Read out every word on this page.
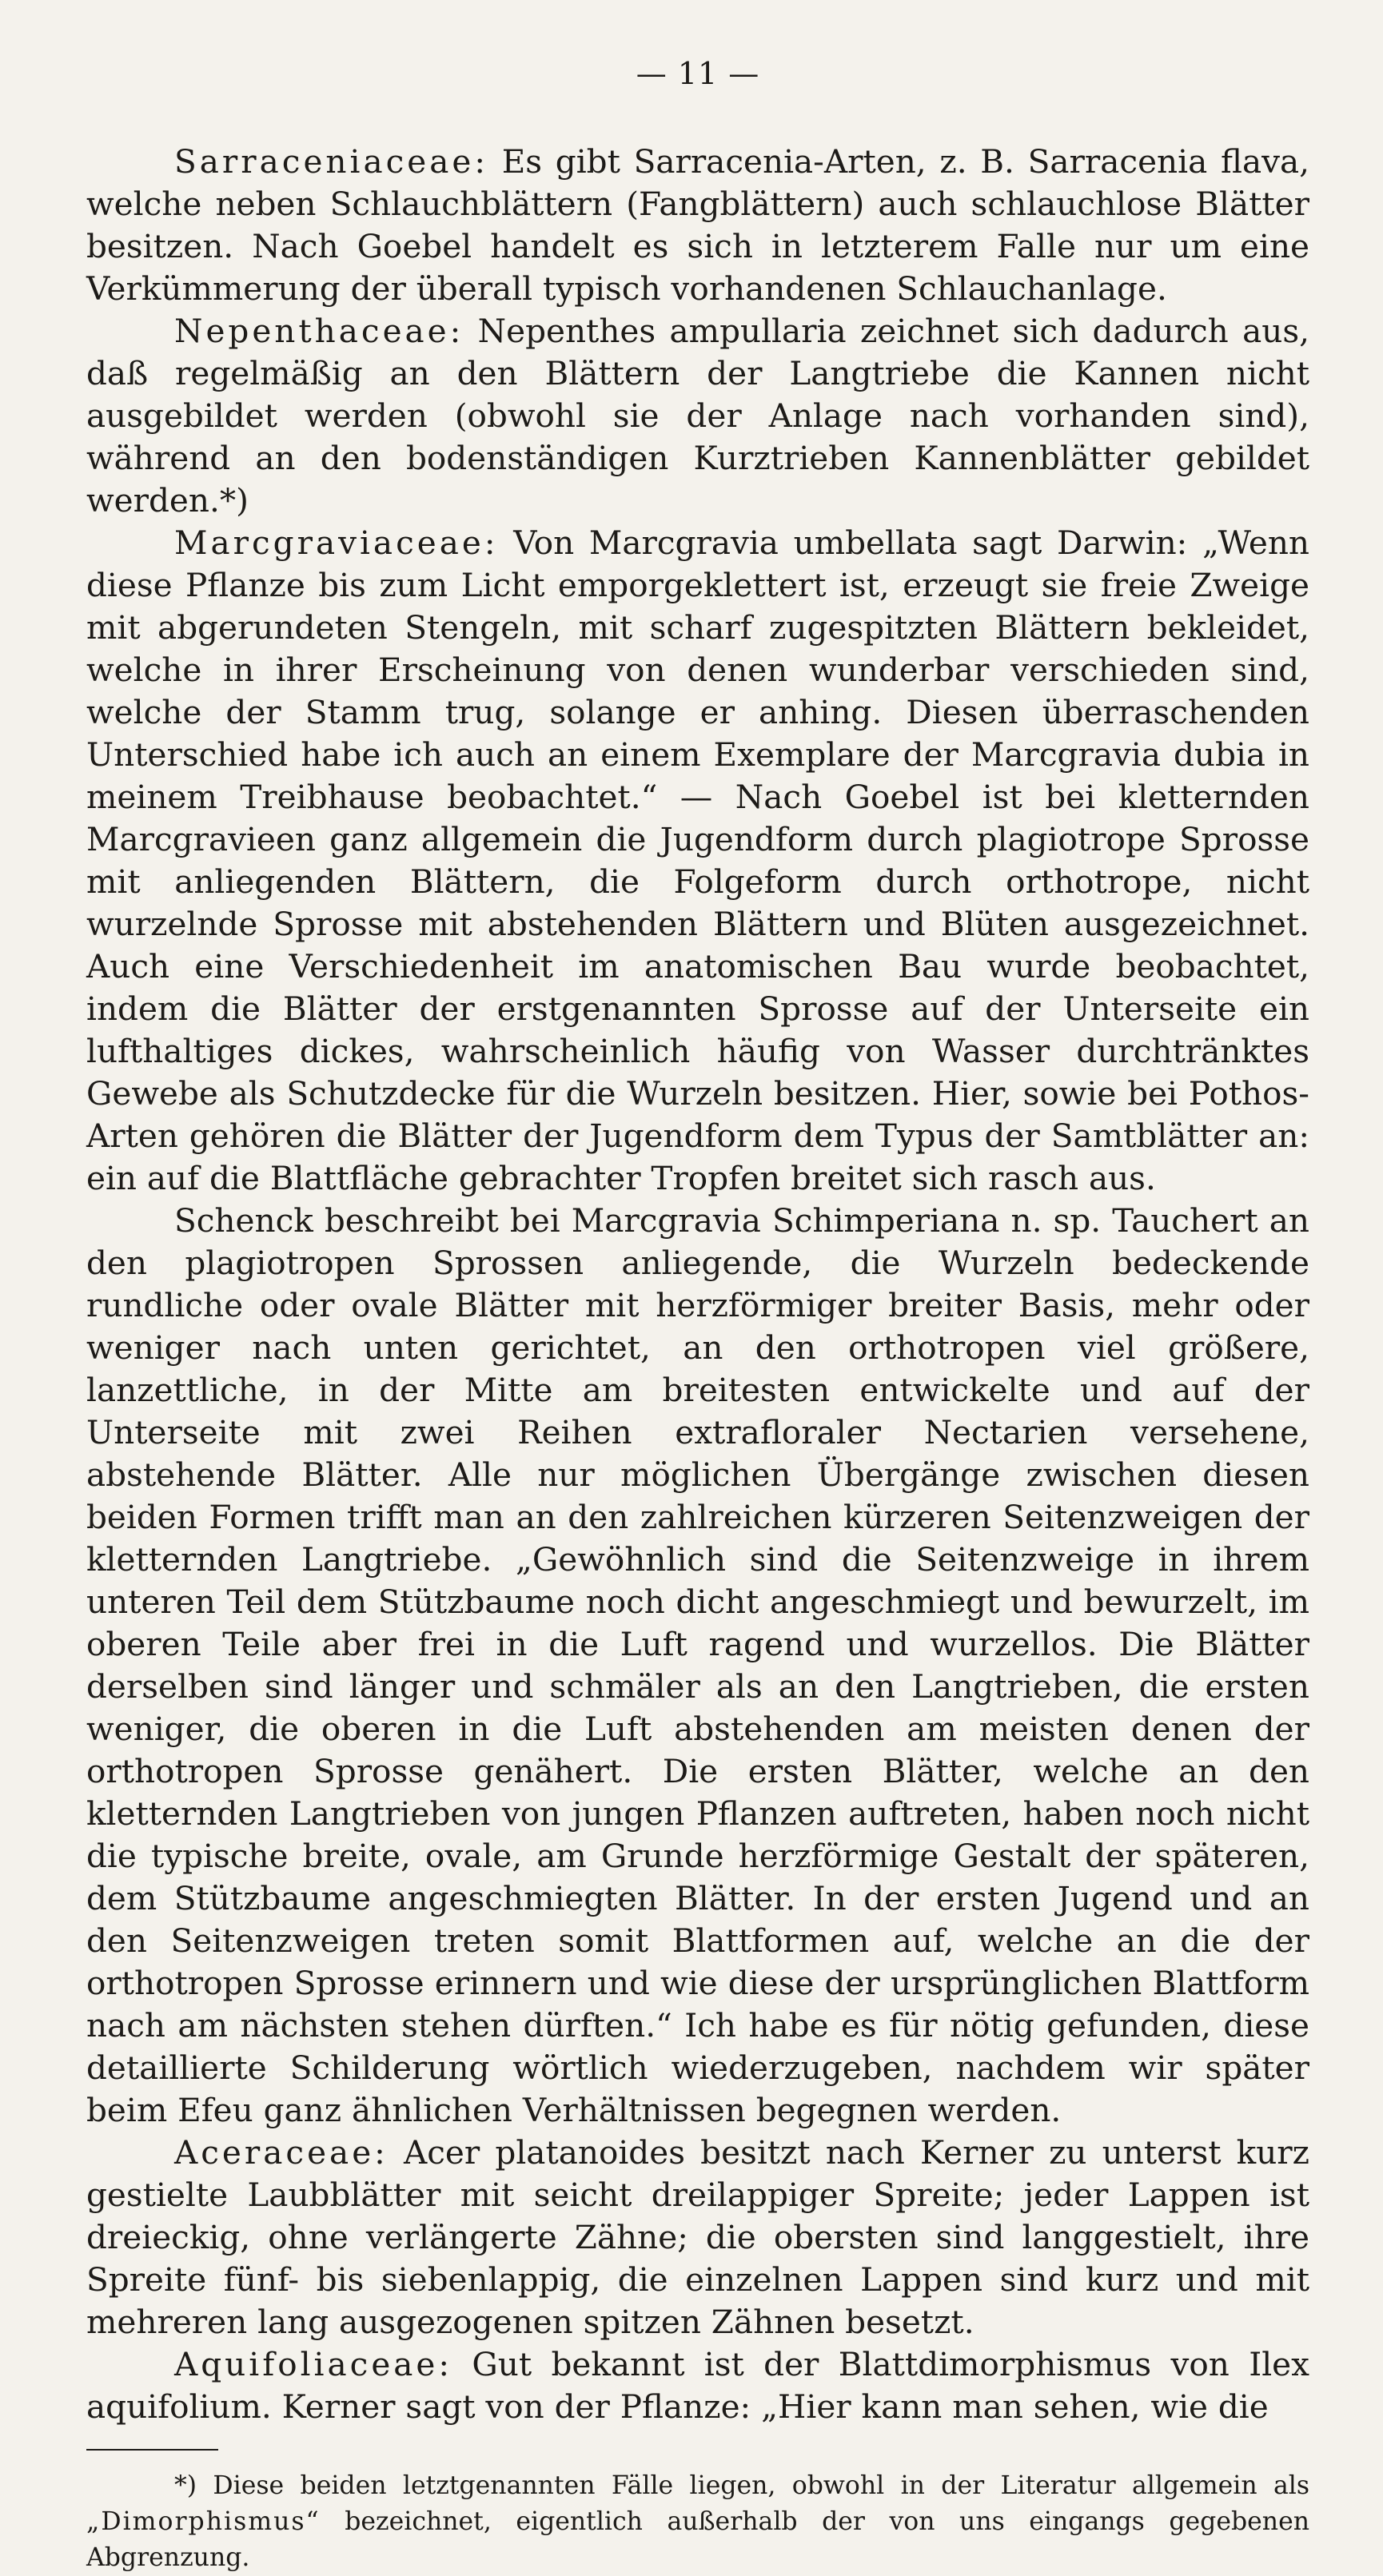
— 11 —

Sarraceniaceae: Es gibt Sarracenia-Arten, z. B. Sarracenia flava, welche neben Schlauchblättern (Fangblättern) auch schlauchlose Blätter besitzen. Nach Goebel handelt es sich in letzterem Falle nur um eine Verkümmerung der überall typisch vorhandenen Schlauchanlage.

Nepenthaceae: Nepenthes ampullaria zeichnet sich dadurch aus, daß regelmäßig an den Blättern der Langtriebe die Kannen nicht ausgebildet werden (obwohl sie der Anlage nach vorhanden sind), während an den bodenständigen Kurztrieben Kannenblätter gebildet werden.*)

Marcgraviaceae: Von Marcgravia umbellata sagt Darwin: „Wenn diese Pflanze bis zum Licht emporgeklettert ist, erzeugt sie freie Zweige mit abgerundeten Stengeln, mit scharf zugespitzten Blättern bekleidet, welche in ihrer Erscheinung von denen wunderbar verschieden sind, welche der Stamm trug, solange er anhing. Diesen überraschenden Unterschied habe ich auch an einem Exemplare der Marcgravia dubia in meinem Treibhause beobachtet.“ — Nach Goebel ist bei kletternden Marcgravieen ganz allgemein die Jugendform durch plagiotrope Sprosse mit anliegenden Blättern, die Folgeform durch orthotrope, nicht wurzelnde Sprosse mit abstehenden Blättern und Blüten ausgezeichnet. Auch eine Verschiedenheit im anatomischen Bau wurde beobachtet, indem die Blätter der erstgenannten Sprosse auf der Unterseite ein lufthaltiges dickes, wahrscheinlich häufig von Wasser durchtränktes Gewebe als Schutzdecke für die Wurzeln besitzen. Hier, sowie bei Pothos-Arten gehören die Blätter der Jugendform dem Typus der Samtblätter an: ein auf die Blattfläche gebrachter Tropfen breitet sich rasch aus.

Schenck beschreibt bei Marcgravia Schimperiana n. sp. Tauchert an den plagiotropen Sprossen anliegende, die Wurzeln bedeckende rundliche oder ovale Blätter mit herzförmiger breiter Basis, mehr oder weniger nach unten gerichtet, an den orthotropen viel größere, lanzettliche, in der Mitte am breitesten entwickelte und auf der Unterseite mit zwei Reihen extrafloraler Nectarien versehene, abstehende Blätter. Alle nur möglichen Übergänge zwischen diesen beiden Formen trifft man an den zahlreichen kürzeren Seitenzweigen der kletternden Langtriebe. „Gewöhnlich sind die Seitenzweige in ihrem unteren Teil dem Stützbaume noch dicht angeschmiegt und bewurzelt, im oberen Teile aber frei in die Luft ragend und wurzellos. Die Blätter derselben sind länger und schmäler als an den Langtrieben, die ersten weniger, die oberen in die Luft abstehenden am meisten denen der orthotropen Sprosse genähert. Die ersten Blätter, welche an den kletternden Langtrieben von jungen Pflanzen auftreten, haben noch nicht die typische breite, ovale, am Grunde herzförmige Gestalt der späteren, dem Stützbaume angeschmiegten Blätter. In der ersten Jugend und an den Seitenzweigen treten somit Blattformen auf, welche an die der orthotropen Sprosse erinnern und wie diese der ursprünglichen Blattform nach am nächsten stehen dürften.“ Ich habe es für nötig gefunden, diese detaillierte Schilderung wörtlich wiederzugeben, nachdem wir später beim Efeu ganz ähnlichen Verhältnissen begegnen werden.

Aceraceae: Acer platanoides besitzt nach Kerner zu unterst kurz gestielte Laubblätter mit seicht dreilappiger Spreite; jeder Lappen ist dreieckig, ohne verlängerte Zähne; die obersten sind langgestielt, ihre Spreite fünf- bis siebenlappig, die einzelnen Lappen sind kurz und mit mehreren lang ausgezogenen spitzen Zähnen besetzt.

Aquifoliaceae: Gut bekannt ist der Blattdimorphismus von Ilex aquifolium. Kerner sagt von der Pflanze: „Hier kann man sehen, wie die

*) Diese beiden letztgenannten Fälle liegen, obwohl in der Literatur allgemein als „Dimorphismus“ bezeichnet, eigentlich außerhalb der von uns eingangs gegebenen Abgrenzung.
